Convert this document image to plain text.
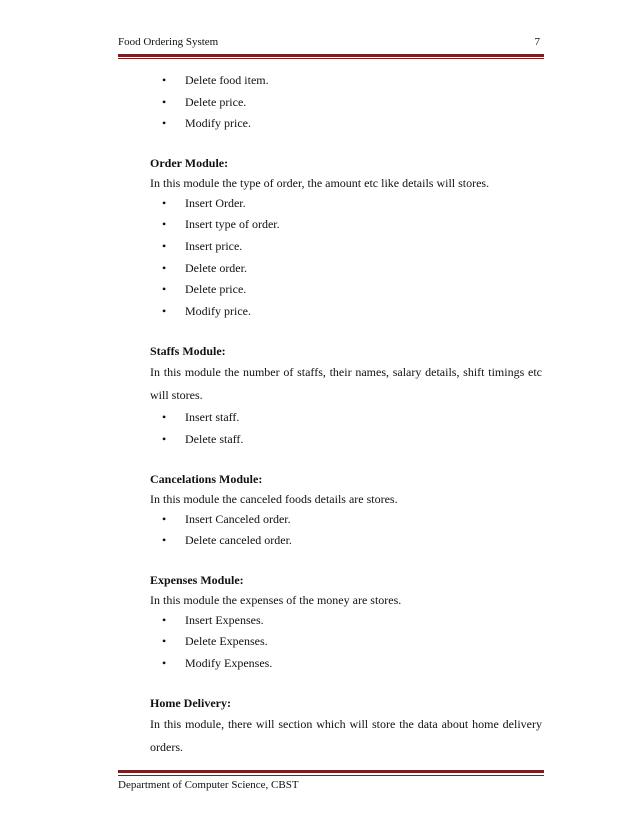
Food Ordering System	7
• Delete food item.
• Delete price.
• Modify price.
Order Module:
In this module the type of order, the amount etc like details will stores.
• Insert Order.
• Insert type of order.
• Insert price.
• Delete order.
• Delete price.
• Modify price.
Staffs Module:
In this module the number of staffs, their names, salary details, shift timings etc will stores.
• Insert staff.
• Delete staff.
Cancelations Module:
In this module the canceled foods details are stores.
• Insert Canceled order.
• Delete canceled order.
Expenses Module:
In this module the expenses of the money are stores.
• Insert Expenses.
• Delete Expenses.
• Modify Expenses.
Home Delivery:
In this module, there will section which will store the data about home delivery orders.
Department of Computer Science, CBST
